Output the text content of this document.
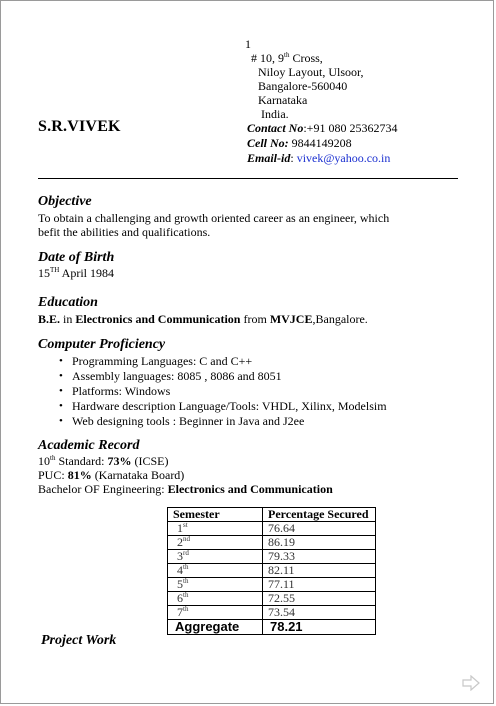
1
# 10, 9th Cross,
Niloy Layout, Ulsoor,
Bangalore-560040
Karnataka
India.
S.R.VIVEK	Contact No:+91 080 25362734
Cell No: 9844149208
Email-id: vivek@yahoo.co.in
Objective
To obtain a challenging and growth oriented career as an engineer, which
befit the abilities and qualifications.
Date of Birth
15TH April 1984
Education
B.E. in Electronics and Communication from MVJCE,Bangalore.
Computer Proficiency
• Programming Languages: C and C++
• Assembly languages: 8085 , 8086 and 8051
• Platforms: Windows
• Hardware description Language/Tools: VHDL, Xilinx, Modelsim
• Web designing tools : Beginner in Java and J2ee
Academic Record
10th Standard: 73% (ICSE)
PUC: 81% (Karnataka Board)
Bachelor OF Engineering: Electronics and Communication
Semester	Percentage Secured
1st	76.64
2nd	86.19
3rd	79.33
4th	82.11
5th	77.11
6th	72.55
7th	73.54
Aggregate	78.21
Project Work
